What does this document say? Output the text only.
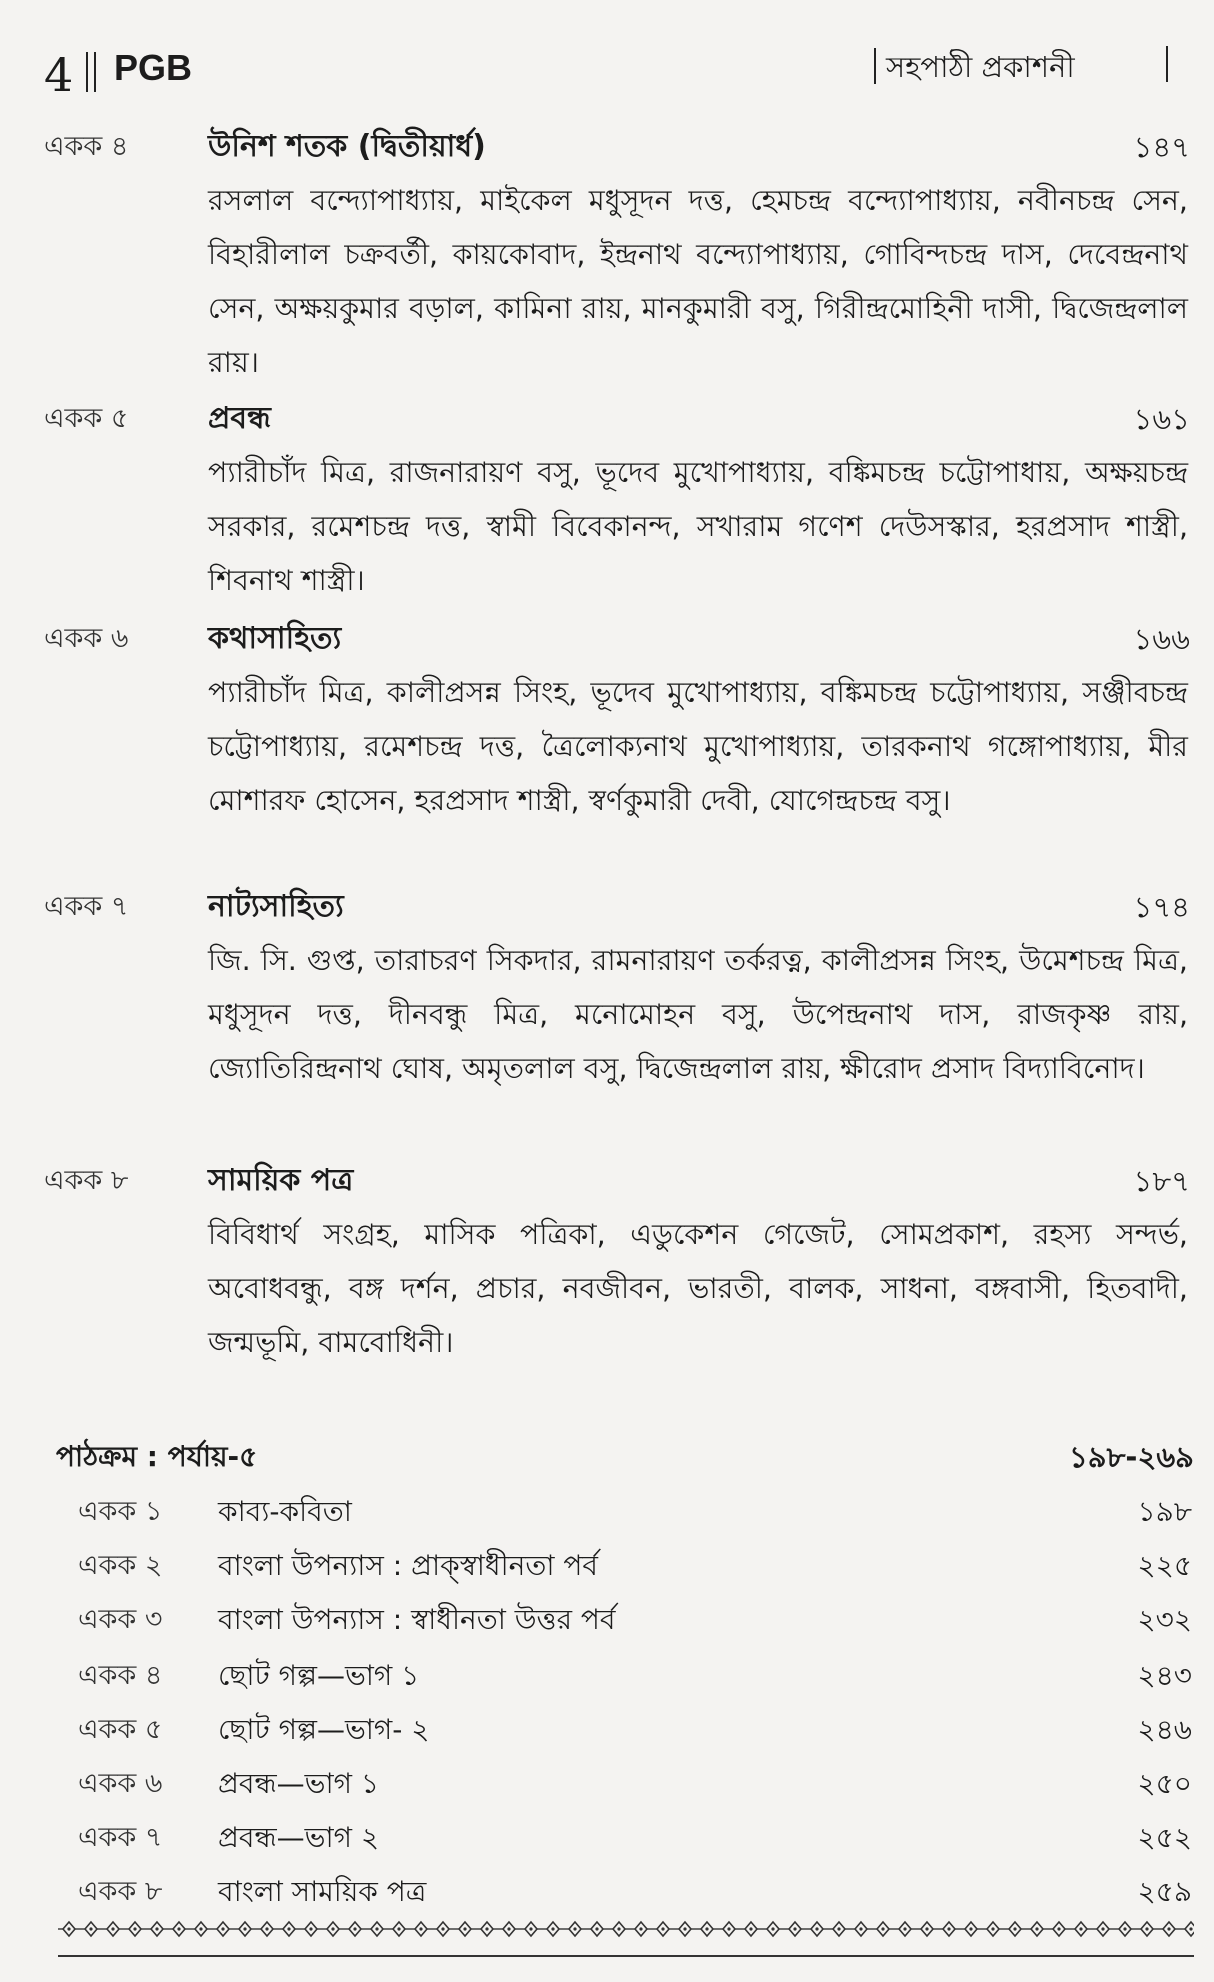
4 PGB	সহপাঠী প্রকাশনী
একক ৪	উনিশ শতক (দ্বিতীয়ার্ধ)	১৪৭
রসলাল বন্দ্যোপাধ্যায়, মাইকেল মধুসূদন দত্ত, হেমচন্দ্র বন্দ্যোপাধ্যায়, নবীনচন্দ্র সেন, বিহারীলাল চক্রবর্তী, কায়কোবাদ, ইন্দ্রনাথ বন্দ্যোপাধ্যায়, গোবিন্দচন্দ্র দাস, দেবেন্দ্রনাথ সেন, অক্ষয়কুমার বড়াল, কামিনা রায়, মানকুমারী বসু, গিরীন্দ্রমোহিনী দাসী, দ্বিজেন্দ্রলাল রায়।
একক ৫	প্রবন্ধ	১৬১
প্যারীচাঁদ মিত্র, রাজনারায়ণ বসু, ভূদেব মুখোপাধ্যায়, বঙ্কিমচন্দ্র চট্টোপাধায়, অক্ষয়চন্দ্র সরকার, রমেশচন্দ্র দত্ত, স্বামী বিবেকানন্দ, সখারাম গণেশ দেউসস্কার, হরপ্রসাদ শাস্ত্রী, শিবনাথ শাস্ত্রী।
একক ৬	কথাসাহিত্য	১৬৬
প্যারীচাঁদ মিত্র, কালীপ্রসন্ন সিংহ, ভূদেব মুখোপাধ্যায়, বঙ্কিমচন্দ্র চট্টোপাধ্যায়, সঞ্জীবচন্দ্র চট্টোপাধ্যায়, রমেশচন্দ্র দত্ত, ত্রৈলোক্যনাথ মুখোপাধ্যায়, তারকনাথ গঙ্গোপাধ্যায়, মীর মোশারফ হোসেন, হরপ্রসাদ শাস্ত্রী, স্বর্ণকুমারী দেবী, যোগেন্দ্রচন্দ্র বসু।
একক ৭	নাট্যসাহিত্য	১৭৪
জি. সি. গুপ্ত, তারাচরণ সিকদার, রামনারায়ণ তর্করত্ন, কালীপ্রসন্ন সিংহ, উমেশচন্দ্র মিত্র, মধুসূদন দত্ত, দীনবন্ধু মিত্র, মনোমোহন বসু, উপেন্দ্রনাথ দাস, রাজকৃষ্ণ রায়, জ্যোতিরিন্দ্রনাথ ঘোষ, অমৃতলাল বসু, দ্বিজেন্দ্রলাল রায়, ক্ষীরোদ প্রসাদ বিদ্যাবিনোদ।
একক ৮	সাময়িক পত্র	১৮৭
বিবিধার্থ সংগ্রহ, মাসিক পত্রিকা, এডুকেশন গেজেট, সোমপ্রকাশ, রহস্য সন্দর্ভ, অবোধবন্ধু, বঙ্গ দর্শন, প্রচার, নবজীবন, ভারতী, বালক, সাধনা, বঙ্গবাসী, হিতবাদী, জন্মভূমি, বামবোধিনী।
পাঠক্রম : পর্যায়-৫	১৯৮-২৬৯
একক ১ কাব্য-কবিতা	১৯৮
একক ২ বাংলা উপন্যাস : প্রাক্‌স্বাধীনতা পর্ব	২২৫
একক ৩ বাংলা উপন্যাস : স্বাধীনতা উত্তর পর্ব	২৩২
একক ৪ ছোট গল্প—ভাগ ১	২৪৩
একক ৫ ছোট গল্প—ভাগ- ২	২৪৬
একক ৬ প্রবন্ধ—ভাগ ১	২৫০
একক ৭ প্রবন্ধ—ভাগ ২	২৫২
একক ৮ বাংলা সাময়িক পত্র	২৫৯
